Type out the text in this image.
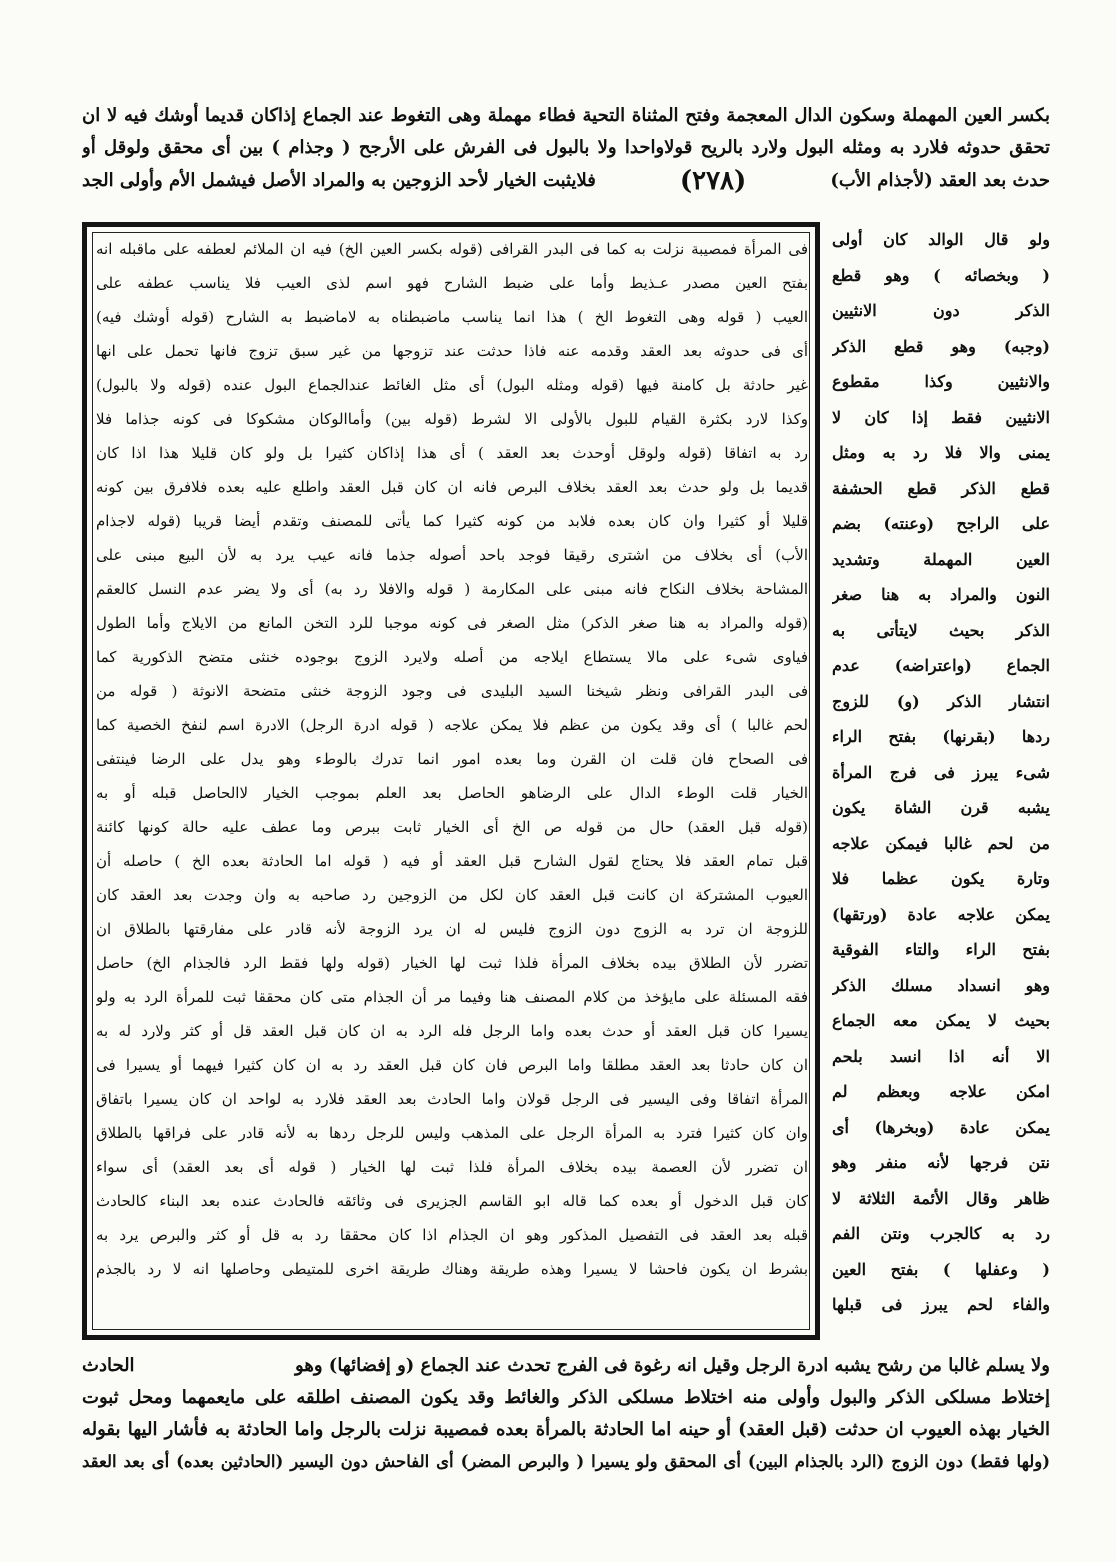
بكسر العين المهملة وسكون الدال المعجمة وفتح المثناة التحية فطاء مهملة وهى التغوط عند الجماع إذاكان قديما أوشك فيه لا ان
تحقق حدوثه فلارد به ومثله البول ولارد بالريح قولاواحدا ولا بالبول فى الفرش على الأرجح ( وجذام ) بين أى محقق ولوقل أو
حدث بعد العقد (لأجذام الأب)
(٢٧٨)
فلايثبت الخيار لأحد الزوجين به والمراد الأصل فيشمل الأم وأولى الجد
فى المرأة فمصيبة نزلت به كما فى البدر القرافى (قوله بكسر العين الخ) فيه ان الملائم لعطفه على ماقبله انه
بفتح العين مصدر عـذيط وأما على ضبط الشارح فهو اسم لذى العيب فلا يناسب عطفه على
العيب ( قوله وهى التغوط الخ ) هذا انما يناسب ماضبطناه به لاماضبط به الشارح (قوله أوشك فيه)
أى فى حدوثه بعد العقد وقدمه عنه فاذا حدثت عند تزوجها من غير سبق تزوج فانها تحمل على انها
غير حادثة بل كامنة فيها (قوله ومثله البول) أى مثل الغائط عندالجماع البول عنده (قوله ولا بالبول)
وكذا لارد بكثرة القيام للبول بالأولى الا لشرط (قوله بين) وأماالوكان مشكوكا فى كونه جذاما فلا
رد به اتفاقا (قوله ولوقل أوحدث بعد العقد ) أى هذا إذاكان كثيرا بل ولو كان قليلا هذا اذا كان
قديما بل ولو حدث بعد العقد بخلاف البرص فانه ان كان قبل العقد واطلع عليه بعده فلافرق بين كونه
قليلا أو كثيرا وان كان بعده فلابد من كونه كثيرا كما يأتى للمصنف وتقدم أيضا قريبا (قوله لاجذام
الأب) أى بخلاف من اشترى رقيقا فوجد باحد أصوله جذما فانه عيب يرد به لأن البيع مبنى على
المشاحة بخلاف النكاح فانه مبنى على المكارمة ( قوله والافلا رد به) أى ولا يضر عدم النسل كالعقم
(قوله والمراد به هنا صغر الذكر) مثل الصغر فى كونه موجبا للرد التخن المانع من الايلاج وأما الطول
فياوى شىء على مالا يستطاع ايلاجه من أصله ولايرد الزوج بوجوده خنثى متضح الذكورية كما
فى البدر القرافى ونظر شيخنا السيد البليدى فى وجود الزوجة خنثى متضحة الانوثة ( قوله من
لحم غالبا ) أى وقد يكون من عظم فلا يمكن علاجه ( قوله ادرة الرجل) الادرة اسم لنفخ الخصية كما
فى الصحاح فان قلت ان القرن وما بعده امور انما تدرك بالوطء وهو يدل على الرضا فينتفى
الخيار قلت الوطء الدال على الرضاهو الحاصل بعد العلم بموجب الخيار لاالحاصل قبله أو به
(قوله قبل العقد) حال من قوله ص الخ أى الخيار ثابت ببرص وما عطف عليه حالة كونها كائنة
قبل تمام العقد فلا يحتاج لقول الشارح قبل العقد أو فيه ( قوله اما الحادثة بعده الخ ) حاصله أن
العيوب المشتركة ان كانت قبل العقد كان لكل من الزوجين رد صاحبه به وان وجدت بعد العقد كان
للزوجة ان ترد به الزوج دون الزوج فليس له ان يرد الزوجة لأنه قادر على مفارقتها بالطلاق ان
تضرر لأن الطلاق بيده بخلاف المرأة فلذا ثبت لها الخيار (قوله ولها فقط الرد فالجذام الخ) حاصل
فقه المسئلة على مايؤخذ من كلام المصنف هنا وفيما مر أن الجذام متى كان محققا ثبت للمرأة الرد به ولو
يسيرا كان قبل العقد أو حدث بعده واما الرجل فله الرد به ان كان قبل العقد قل أو كثر ولارد له به
ان كان حادثا بعد العقد مطلقا واما البرص فان كان قبل العقد رد به ان كان كثيرا فيهما أو يسيرا فى
المرأة اتفاقا وفى اليسير فى الرجل قولان واما الحادث بعد العقد فلارد به لواحد ان كان يسيرا باتفاق
وان كان كثيرا فترد به المرأة الرجل على المذهب وليس للرجل ردها به لأنه قادر على فراقها بالطلاق
ان تضرر لأن العصمة بيده بخلاف المرأة فلذا ثبت لها الخيار ( قوله أى بعد العقد) أى سواء
كان قبل الدخول أو بعده كما قاله ابو القاسم الجزيرى فى وثائقه فالحادث عنده بعد البناء كالحادث
قبله بعد العقد فى التفصيل المذكور وهو ان الجذام اذا كان محققا رد به قل أو كثر والبرص يرد به
بشرط ان يكون فاحشا لا يسيرا وهذه طريقة وهناك طريقة اخرى للمتيطى وحاصلها انه لا رد بالجذم
ولو قال الوالد كان أولى
( وبخصائه ) وهو قطع
الذكر دون الانثيين
(وجبه) وهو قطع الذكر
والانثيين وكذا مقطوع
الانثيين فقط إذا كان لا
يمنى والا فلا رد به ومثل
قطع الذكر قطع الحشفة
على الراجح (وعنته) بضم
العين المهملة وتشديد
النون والمراد به هنا صغر
الذكر بحيث لايتأتى به
الجماع (واعتراضه) عدم
انتشار الذكر (و) للزوج
ردها (بقرنها) بفتح الراء
شىء يبرز فى فرج المرأة
يشبه قرن الشاة يكون
من لحم غالبا فيمكن علاجه
وتارة يكون عظما فلا
يمكن علاجه عادة (ورتقها)
بفتح الراء والتاء الفوقية
وهو انسداد مسلك الذكر
بحيث لا يمكن معه الجماع
الا أنه اذا انسد بلحم
امكن علاجه وبعظم لم
يمكن عادة (وبخرها) أى
نتن فرجها لأنه منفر وهو
ظاهر وقال الأئمة الثلاثة لا
رد به كالجرب ونتن الفم
( وعفلها ) بفتح العين
والفاء لحم يبرز فى قبلها
ولا يسلم غالبا من رشح يشبه ادرة الرجل وقيل انه رغوة فى الفرج تحدث عند الجماع (و إفضائها) وهو
الحادث
إختلاط مسلكى الذكر والبول وأولى منه اختلاط مسلكى الذكر والغائط وقد يكون المصنف اطلقه على مايعمهما ومحل ثبوت
الخيار بهذه العيوب ان حدثت (قبل العقد) أو حينه اما الحادثة بالمرأة بعده فمصيبة نزلت بالرجل واما الحادثة به فأشار اليها بقوله
(ولها فقط) دون الزوج (الرد بالجذام البين) أى المحقق ولو يسيرا ( والبرص المضر) أى الفاحش دون اليسير (الحادثين بعده) أى بعد العقد
